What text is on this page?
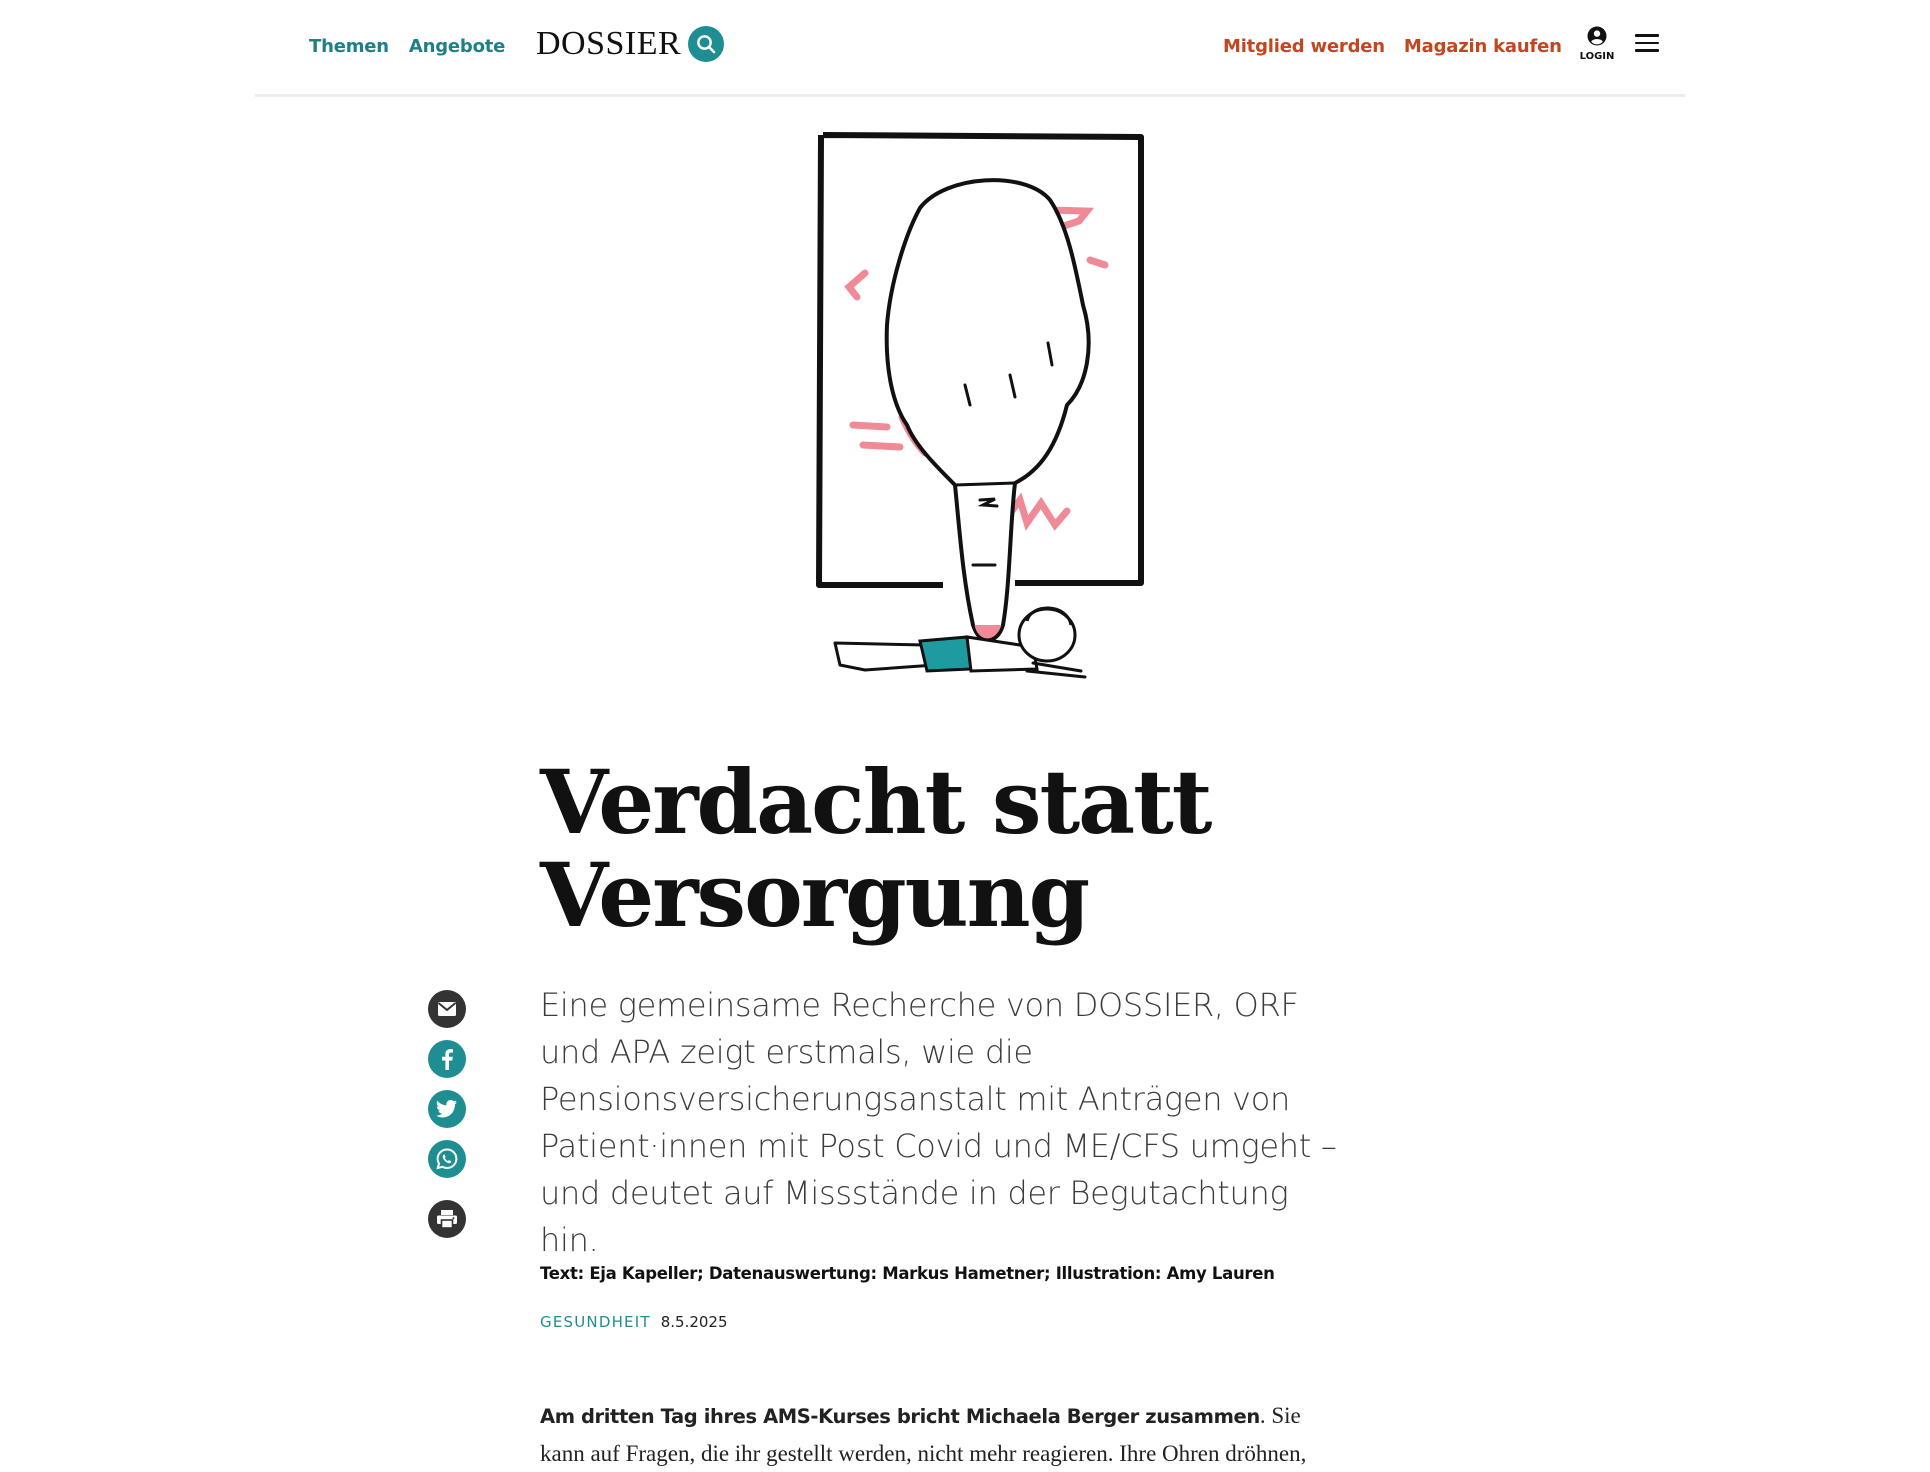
Themen Angebote DOSSIER	Mitglied werden Magazin kaufen LOGIN
Verdacht statt Versorgung

Eine gemeinsame Recherche von DOSSIER, ORF und APA zeigt erstmals, wie die Pensionsversicherungsanstalt mit Anträgen von Patient·innen mit Post Covid und ME/CFS umgeht – und deutet auf Missstände in der Begutachtung hin.

Text: Eja Kapeller; Datenauswertung: Markus Hametner; Illustration: Amy Lauren

GESUNDHEIT 8.5.2025

Am dritten Tag ihres AMS-Kurses bricht Michaela Berger zusammen. Sie kann auf Fragen, die ihr gestellt werden, nicht mehr reagieren. Ihre Ohren dröhnen,
